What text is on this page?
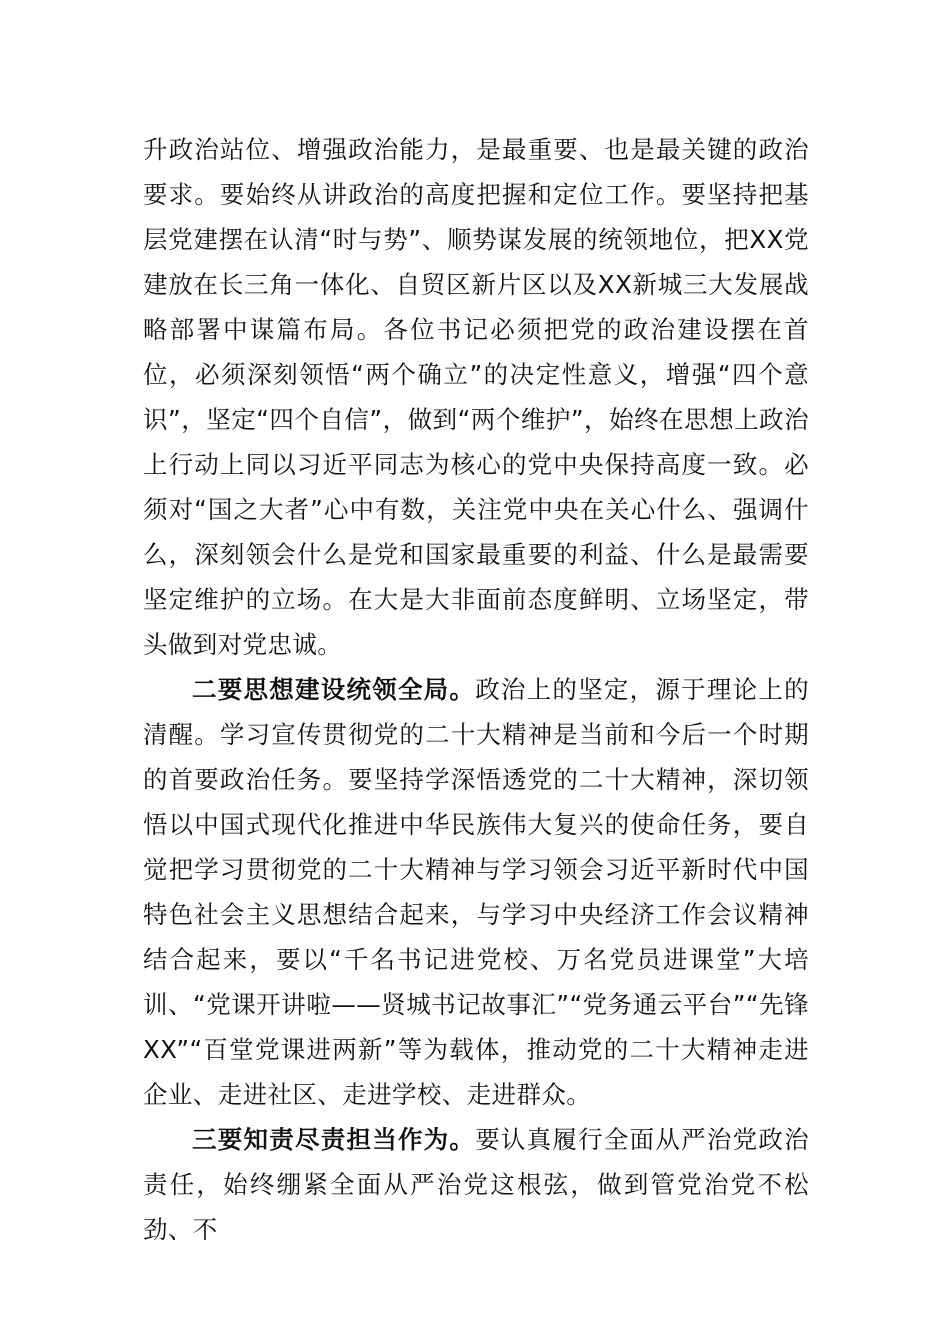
升政治站位、增强政治能力，是最重要、也是最关键的政治要求。要始终从讲政治的高度把握和定位工作。要坚持把基层党建摆在认清“时与势”、顺势谋发展的统领地位，把XX党建放在长三角一体化、自贸区新片区以及XX新城三大发展战略部署中谋篇布局。各位书记必须把党的政治建设摆在首位，必须深刻领悟“两个确立”的决定性意义，增强“四个意识”，坚定“四个自信”，做到“两个维护”，始终在思想上政治上行动上同以习近平同志为核心的党中央保持高度一致。必须对“国之大者”心中有数，关注党中央在关心什么、强调什么，深刻领会什么是党和国家最重要的利益、什么是最需要坚定维护的立场。在大是大非面前态度鲜明、立场坚定，带头做到对党忠诚。

二要思想建设统领全局。政治上的坚定，源于理论上的清醒。学习宣传贯彻党的二十大精神是当前和今后一个时期的首要政治任务。要坚持学深悟透党的二十大精神，深切领悟以中国式现代化推进中华民族伟大复兴的使命任务，要自觉把学习贯彻党的二十大精神与学习领会习近平新时代中国特色社会主义思想结合起来，与学习中央经济工作会议精神结合起来，要以“千名书记进党校、万名党员进课堂”大培训、“党课开讲啦——贤城书记故事汇”“党务通云平台”“先锋XX”“百堂党课进两新”等为载体，推动党的二十大精神走进企业、走进社区、走进学校、走进群众。

三要知责尽责担当作为。要认真履行全面从严治党政治责任，始终绷紧全面从严治党这根弦，做到管党治党不松劲、不
